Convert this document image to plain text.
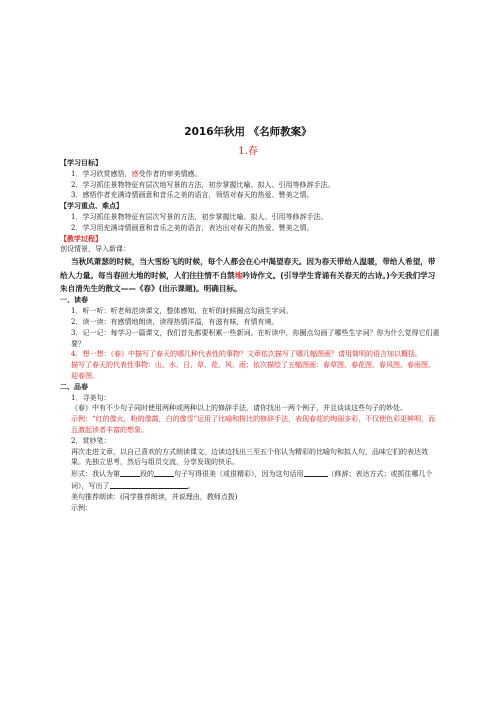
2016年秋用 《名师教案》
1.春

【学习目标】

1．学习欣赏感悟，感受作者的审美情感。

2．学习抓住景物特征有层次地写景的方法，初步掌握比喻、拟人、引用等修辞手法。

3．感悟作者充满诗情画意和音乐之美的语言，领悟对春天的热爱、赞美之情。

【学习重点、难点】

1．学习抓住景物特征有层次写景的方法，初步掌握比喻、拟人、引用等修辞手法。

2．学习用充满诗情画意和音乐之美的语言，表达出对春天的热爱、赞美之情。

【教学过程】

创设情景，导入新课：

当秋风萧瑟的时候，当大雪纷飞的时候，每个人都会在心中渴望春天。因为春天带给人温暖，带给人希望，带给人力量。每当春回大地的时候，人们往往情不自禁地吟诗作文。(引导学生背诵有关春天的古诗。)今天我们学习朱自清先生的散文——《春》(出示课题)。明确目标。

一、读春

1．听一听：听老师范读课文，整体感知，在听的时候圈点勾画生字词。

2．读一读：有感情地朗读，读得热情洋溢，有滋有味，有情有境。

3．记一记：每学习一篇课文，我们首先都要积累一些新词。在听读中，你圈点勾画了哪些生字词？你为什么觉得它们重要？

4．想一想：《春》中描写了春天的哪几种代表性的事物？文章依次描写了哪几幅图画？请用简明的语言加以概括。

描写了春天的代表性事物：山、水、日、草、花、风、雨；依次描绘了五幅图画：春草图、春花图、春风图、春雨图、迎春图。

二、品春

1．寻美句：

《春》中有不少句子同时使用两种或两种以上的修辞手法，请你找出一两个例子，并且谈谈这些句子的妙处。

示例：“红的像火，粉的像霞，白的像雪”运用了比喻和排比的修辞手法，表现春花的绚丽多彩，不仅使色彩更鲜明，而且激起读者丰富的想象。

2．赏妙笔：

再次走进文章，以自己喜欢的方式朗读课文，边读边找出三至五个你认为精彩的比喻句和拟人句，品味它们的表达效果。先独立思考，然后与组员交流，分享发现的快乐。

形式：我认为第	段的	句子写得很美（或很精彩），因为这句话用	（修辞；表达方式；或抓住哪几个词），写出了	。

美句推荐朗读：(同学推荐朗读，并说理由，教师点拨)

示例：
